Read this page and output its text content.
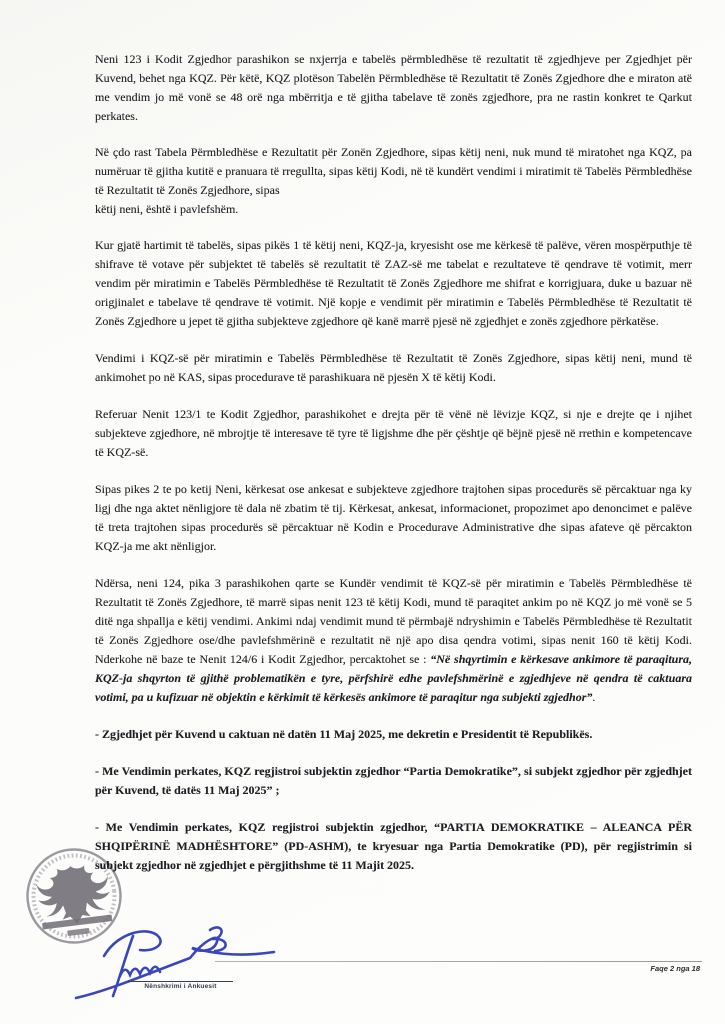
Neni 123 i Kodit Zgjedhor parashikon se nxjerrja e tabelës përmbledhëse të rezultatit të zgjedhjeve per Zgjedhjet për Kuvend, behet nga KQZ. Për këtë, KQZ plotëson Tabelën Përmbledhëse të Rezultatit të Zonës Zgjedhore dhe e miraton atë me vendim jo më vonë se 48 orë nga mbërritja e të gjitha tabelave të zonës zgjedhore, pra ne rastin konkret te Qarkut perkates.

Në çdo rast Tabela Përmbledhëse e Rezultatit për Zonën Zgjedhore, sipas këtij neni, nuk mund të miratohet nga KQZ, pa numëruar të gjitha kutitë e pranuara të rregullta, sipas këtij Kodi, në të kundërt vendimi i miratimit të Tabelës Përmbledhëse të Rezultatit të Zonës Zgjedhore, sipas
këtij neni, është i pavlefshëm.

Kur gjatë hartimit të tabelës, sipas pikës 1 të këtij neni, KQZ-ja, kryesisht ose me kërkesë të palëve, vëren mospërputhje të shifrave të votave për subjektet të tabelës së rezultatit të ZAZ-së me tabelat e rezultateve të qendrave të votimit, merr vendim për miratimin e Tabelës Përmbledhëse të Rezultatit të Zonës Zgjedhore me shifrat e korrigjuara, duke u bazuar në origjinalet e tabelave të qendrave të votimit. Një kopje e vendimit për miratimin e Tabelës Përmbledhëse të Rezultatit të Zonës Zgjedhore u jepet të gjitha subjekteve zgjedhore që kanë marrë pjesë në zgjedhjet e zonës zgjedhore përkatëse.

Vendimi i KQZ-së për miratimin e Tabelës Përmbledhëse të Rezultatit të Zonës Zgjedhore, sipas këtij neni, mund të ankimohet po në KAS, sipas procedurave të parashikuara në pjesën X të këtij Kodi.

Referuar Nenit 123/1 te Kodit Zgjedhor, parashikohet e drejta për të vënë në lëvizje KQZ, si nje e drejte qe i njihet subjekteve zgjedhore, në mbrojtje të interesave të tyre të ligjshme dhe për çështje që bëjnë pjesë në rrethin e kompetencave të KQZ-së.

Sipas pikes 2 te po ketij Neni, kërkesat ose ankesat e subjekteve zgjedhore trajtohen sipas procedurës së përcaktuar nga ky ligj dhe nga aktet nënligjore të dala në zbatim të tij. Kërkesat, ankesat, informacionet, propozimet apo denoncimet e palëve të treta trajtohen sipas procedurës së përcaktuar në Kodin e Procedurave Administrative dhe sipas afateve që përcakton KQZ-ja me akt nënligjor.

Ndërsa, neni 124, pika 3 parashikohen qarte se Kundër vendimit të KQZ-së për miratimin e Tabelës Përmbledhëse të Rezultatit të Zonës Zgjedhore, të marrë sipas nenit 123 të këtij Kodi, mund të paraqitet ankim po në KQZ jo më vonë se 5 ditë nga shpallja e këtij vendimi. Ankimi ndaj vendimit mund të përmbajë ndryshimin e Tabelës Përmbledhëse të Rezultatit të Zonës Zgjedhore ose/dhe pavlefshmërinë e rezultatit në një apo disa qendra votimi, sipas nenit 160 të këtij Kodi. Nderkohe në baze te Nenit 124/6 i Kodit Zgjedhor, percaktohet se : “Në shqyrtimin e kërkesave ankimore të paraqitura, KQZ-ja shqyrton të gjithë problematikën e tyre, përfshirë edhe pavlefshmërinë e zgjedhjeve në qendra të caktuara votimi, pa u kufizuar në objektin e kërkimit të kërkesës ankimore të paraqitur nga subjekti zgjedhor”.

- Zgjedhjet për Kuvend u caktuan në datën 11 Maj 2025, me dekretin e Presidentit të Republikës.

- Me Vendimin perkates, KQZ regjistroi subjektin zgjedhor “Partia Demokratike”, si subjekt zgjedhor për zgjedhjet për Kuvend, të datës 11 Maj 2025” ;

- Me Vendimin perkates, KQZ regjistroi subjektin zgjedhor, “PARTIA DEMOKRATIKE – ALEANCA PËR SHQIPËRINË MADHËSHTORE” (PD-ASHM), te kryesuar nga Partia Demokratike (PD), për regjistrimin si subjekt zgjedhor në zgjedhjet e përgjithshme të 11 Majit 2025.

Nënshkrimi i Ankuesit
Faqe 2 nga 18
